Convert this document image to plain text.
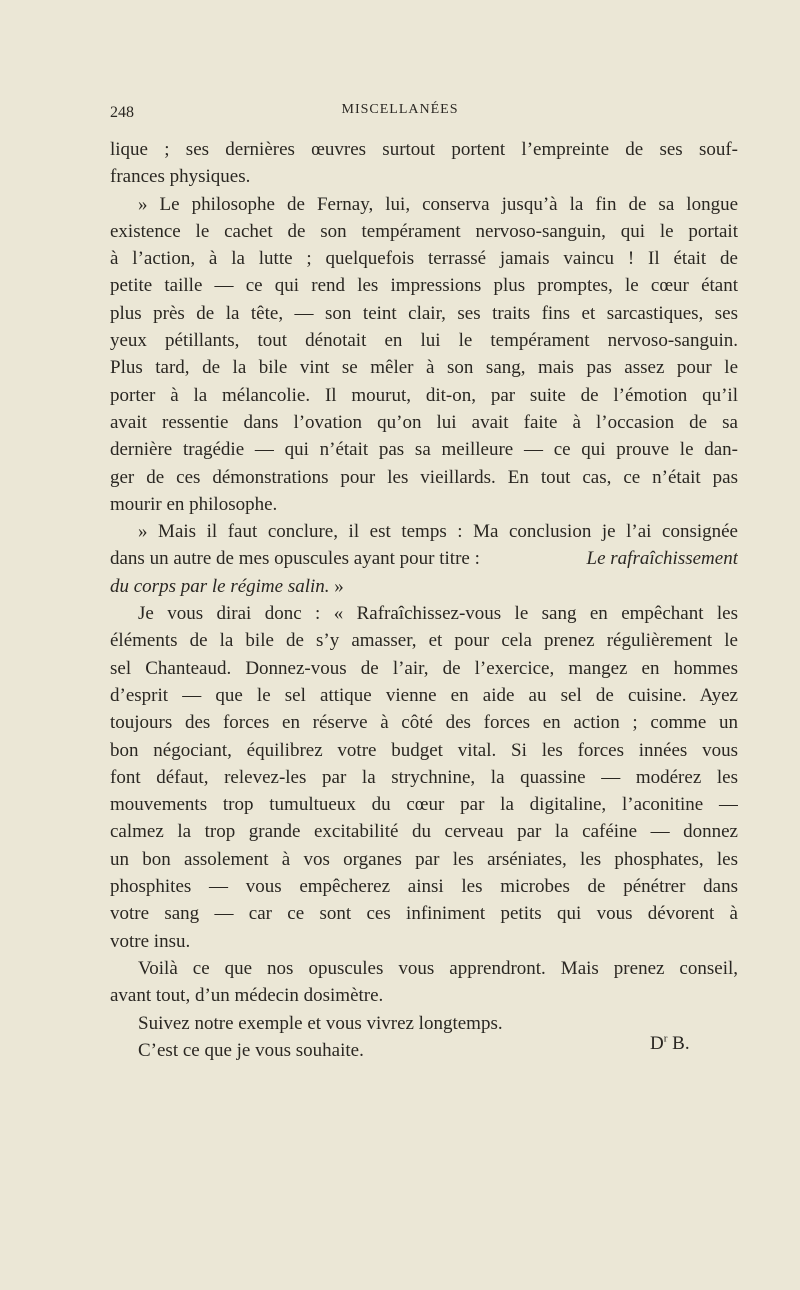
248	MISCELLANÉES
lique ; ses dernières œuvres surtout portent l’empreinte de ses souf-
frances physiques.
» Le philosophe de Fernay, lui, conserva jusqu’à la fin de sa longue
existence le cachet de son tempérament nervoso-sanguin, qui le portait
à l’action, à la lutte ; quelquefois terrassé jamais vaincu ! Il était de
petite taille — ce qui rend les impressions plus promptes, le cœur étant
plus près de la tête, — son teint clair, ses traits fins et sarcastiques, ses
yeux pétillants, tout dénotait en lui le tempérament nervoso-sanguin.
Plus tard, de la bile vint se mêler à son sang, mais pas assez pour le
porter à la mélancolie. Il mourut, dit-on, par suite de l’émotion qu’il
avait ressentie dans l’ovation qu’on lui avait faite à l’occasion de sa
dernière tragédie — qui n’était pas sa meilleure — ce qui prouve le dan-
ger de ces démonstrations pour les vieillards. En tout cas, ce n’était pas
mourir en philosophe.
» Mais il faut conclure, il est temps : Ma conclusion je l’ai consignée
dans un autre de mes opuscules ayant pour titre :	Le rafraîchissement
du corps par le régime salin. »
Je vous dirai donc : « Rafraîchissez-vous le sang en empêchant les
éléments de la bile de s’y amasser, et pour cela prenez régulièrement le
sel Chanteaud. Donnez-vous de l’air, de l’exercice, mangez en hommes
d’esprit — que le sel attique vienne en aide au sel de cuisine. Ayez
toujours des forces en réserve à côté des forces en action ; comme un
bon négociant, équilibrez votre budget vital. Si les forces innées vous
font défaut, relevez-les par la strychnine, la quassine — modérez les
mouvements trop tumultueux du cœur par la digitaline, l’aconitine —
calmez la trop grande excitabilité du cerveau par la caféine — donnez
un bon assolement à vos organes par les arséniates, les phosphates, les
phosphites — vous empêcherez ainsi les microbes de pénétrer dans
votre sang — car ce sont ces infiniment petits qui vous dévorent à
votre insu.
Voilà ce que nos opuscules vous apprendront. Mais prenez conseil,
avant tout, d’un médecin dosimètre.
Suivez notre exemple et vous vivrez longtemps.
C’est ce que je vous souhaite.	$D^r$ B.
